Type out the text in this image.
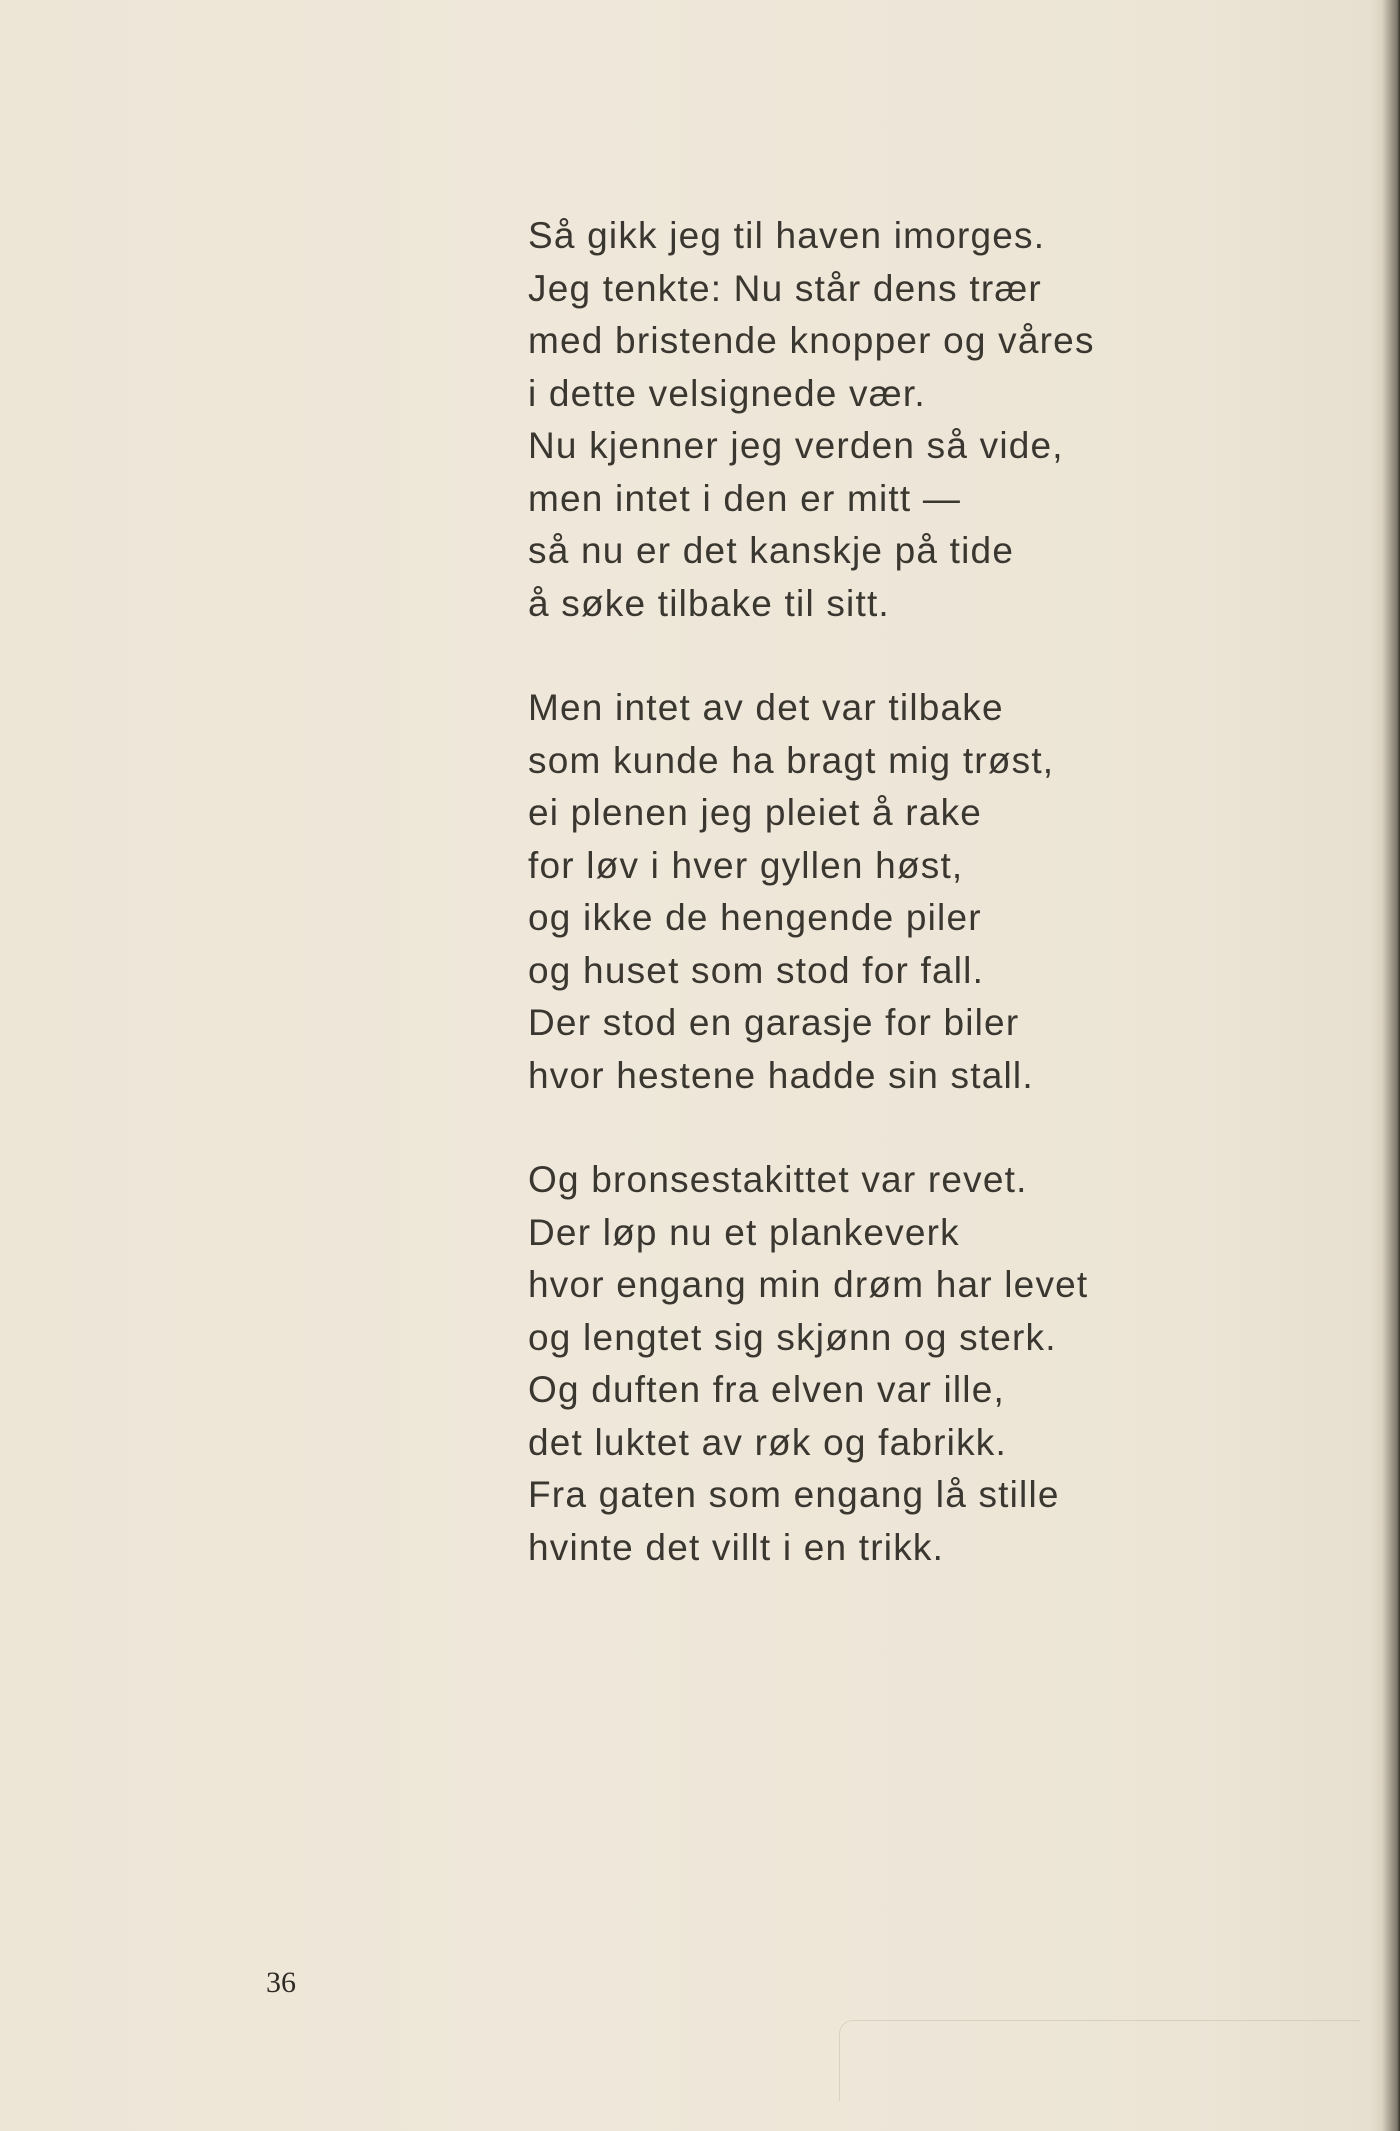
Så gikk jeg til haven imorges.
Jeg tenkte: Nu står dens trær
med bristende knopper og våres
i dette velsignede vær.
Nu kjenner jeg verden så vide,
men intet i den er mitt —
så nu er det kanskje på tide
å søke tilbake til sitt.
Men intet av det var tilbake
som kunde ha bragt mig trøst,
ei plenen jeg pleiet å rake
for løv i hver gyllen høst,
og ikke de hengende piler
og huset som stod for fall.
Der stod en garasje for biler
hvor hestene hadde sin stall.
Og bronsestakittet var revet.
Der løp nu et plankeverk
hvor engang min drøm har levet
og lengtet sig skjønn og sterk.
Og duften fra elven var ille,
det luktet av røk og fabrikk.
Fra gaten som engang lå stille
hvinte det villt i en trikk.
36
